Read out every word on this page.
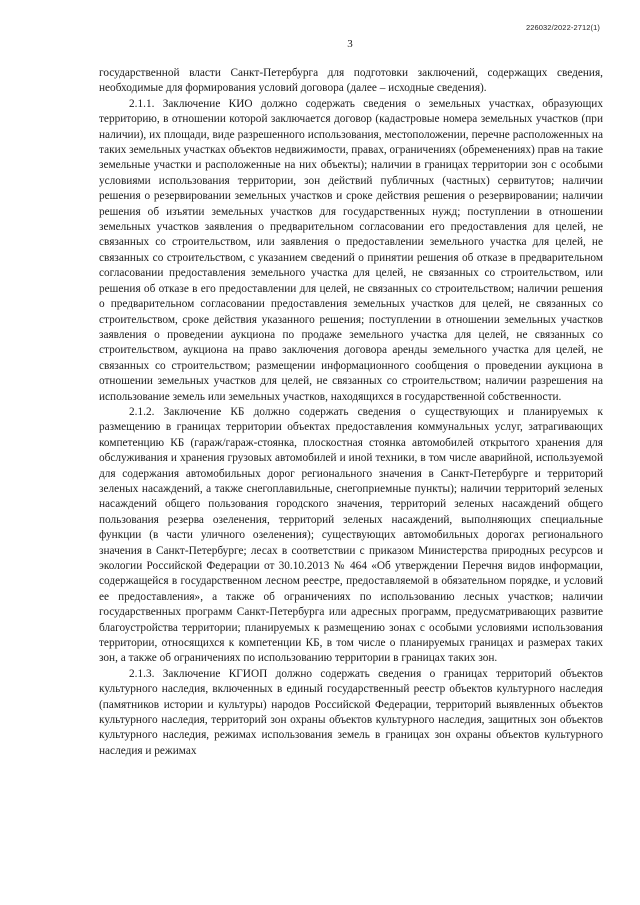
226032/2022-2712(1)
3

государственной власти Санкт-Петербурга для подготовки заключений, содержащих сведения, необходимые для формирования условий договора (далее – исходные сведения).

2.1.1. Заключение КИО должно содержать сведения о земельных участках, образующих территорию, в отношении которой заключается договор (кадастровые номера земельных участков (при наличии), их площади, виде разрешенного использования, местоположении, перечне расположенных на таких земельных участках объектов недвижимости, правах, ограничениях (обременениях) прав на такие земельные участки и расположенные на них объекты); наличии в границах территории зон с особыми условиями использования территории, зон действий публичных (частных) сервитутов; наличии решения о резервировании земельных участков и сроке действия решения о резервировании; наличии решения об изъятии земельных участков для государственных нужд; поступлении в отношении земельных участков заявления о предварительном согласовании его предоставления для целей, не связанных со строительством, или заявления о предоставлении земельного участка для целей, не связанных со строительством, с указанием сведений о принятии решения об отказе в предварительном согласовании предоставления земельного участка для целей, не связанных со строительством, или решения об отказе в его предоставлении для целей, не связанных со строительством; наличии решения о предварительном согласовании предоставления земельных участков для целей, не связанных со строительством, сроке действия указанного решения; поступлении в отношении земельных участков заявления о проведении аукциона по продаже земельного участка для целей, не связанных со строительством, аукциона на право заключения договора аренды земельного участка для целей, не связанных со строительством; размещении информационного сообщения о проведении аукциона в отношении земельных участков для целей, не связанных со строительством; наличии разрешения на использование земель или земельных участков, находящихся в государственной собственности.

2.1.2. Заключение КБ должно содержать сведения о существующих и планируемых к размещению в границах территории объектах предоставления коммунальных услуг, затрагивающих компетенцию КБ (гараж/гараж-стоянка, плоскостная стоянка автомобилей открытого хранения для обслуживания и хранения грузовых автомобилей и иной техники, в том числе аварийной, используемой для содержания автомобильных дорог регионального значения в Санкт-Петербурге и территорий зеленых насаждений, а также снегоплавильные, снегоприемные пункты); наличии территорий зеленых насаждений общего пользования городского значения, территорий зеленых насаждений общего пользования резерва озеленения, территорий зеленых насаждений, выполняющих специальные функции (в части уличного озеленения); существующих автомобильных дорогах регионального значения в Санкт-Петербурге; лесах в соответствии с приказом Министерства природных ресурсов и экологии Российской Федерации от 30.10.2013 № 464 «Об утверждении Перечня видов информации, содержащейся в государственном лесном реестре, предоставляемой в обязательном порядке, и условий ее предоставления», а также об ограничениях по использованию лесных участков; наличии государственных программ Санкт-Петербурга или адресных программ, предусматривающих развитие благоустройства территории; планируемых к размещению зонах с особыми условиями использования территории, относящихся к компетенции КБ, в том числе о планируемых границах и размерах таких зон, а также об ограничениях по использованию территории в границах таких зон.

2.1.3. Заключение КГИОП должно содержать сведения о границах территорий объектов культурного наследия, включенных в единый государственный реестр объектов культурного наследия (памятников истории и культуры) народов Российской Федерации, территорий выявленных объектов культурного наследия, территорий зон охраны объектов культурного наследия, защитных зон объектов культурного наследия, режимах использования земель в границах зон охраны объектов культурного наследия и режимах
